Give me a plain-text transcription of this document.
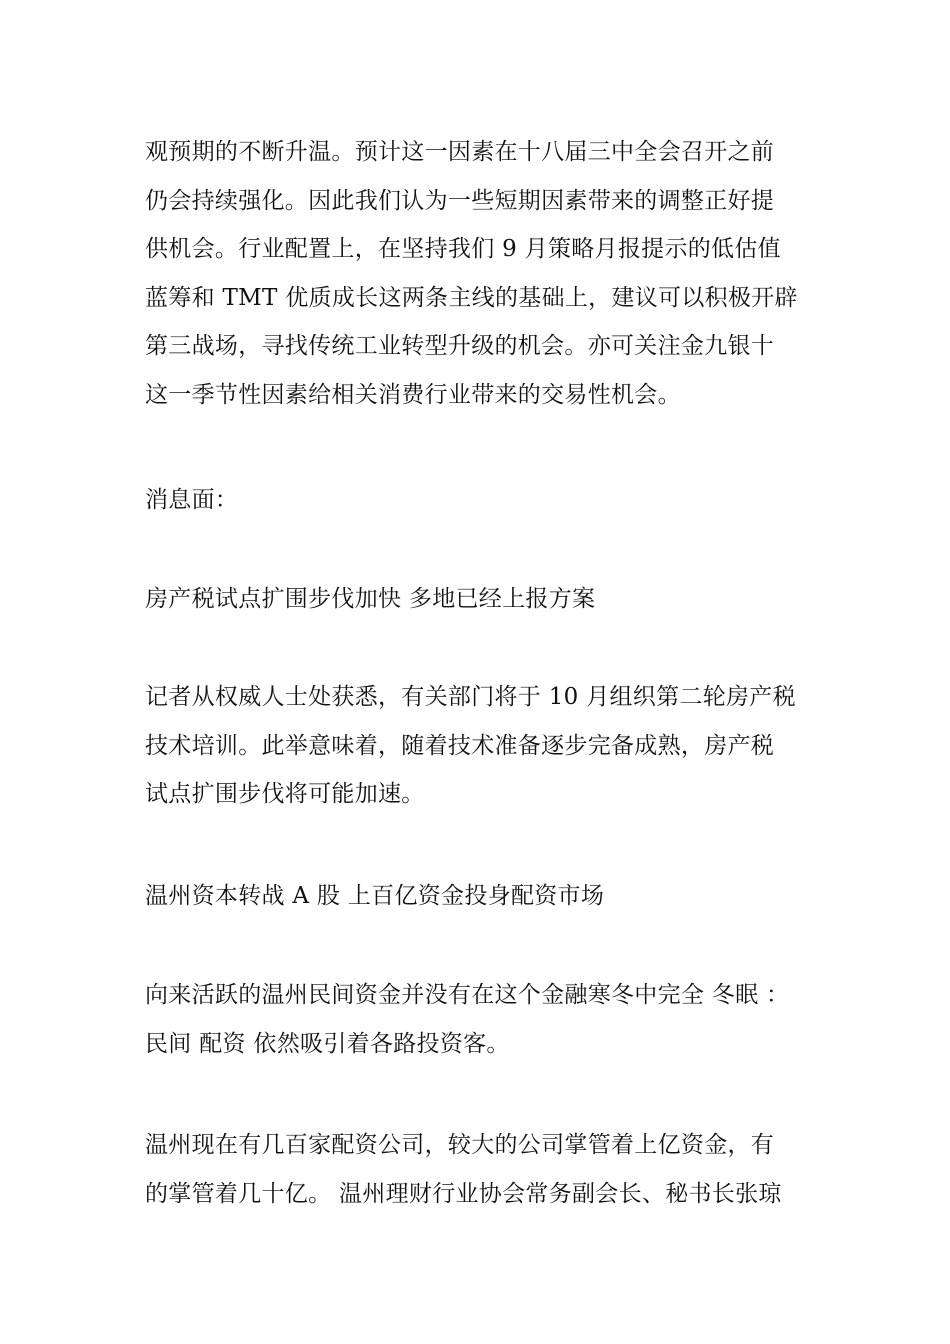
观预期的不断升温。预计这一因素在十八届三中全会召开之前
仍会持续强化。因此我们认为一些短期因素带来的调整正好提
供机会。行业配置上，在坚持我们 9 月策略月报提示的低估值
蓝筹和 TMT 优质成长这两条主线的基础上，建议可以积极开辟
第三战场，寻找传统工业转型升级的机会。亦可关注金九银十
这一季节性因素给相关消费行业带来的交易性机会。

消息面：

房产税试点扩围步伐加快 多地已经上报方案

记者从权威人士处获悉，有关部门将于 10 月组织第二轮房产税
技术培训。此举意味着，随着技术准备逐步完备成熟，房产税
试点扩围步伐将可能加速。

温州资本转战 A 股 上百亿资金投身配资市场

向来活跃的温州民间资金并没有在这个金融寒冬中完全 冬眠 ：
民间 配资 依然吸引着各路投资客。

温州现在有几百家配资公司，较大的公司掌管着上亿资金，有
的掌管着几十亿。 温州理财行业协会常务副会长、秘书长张琼
